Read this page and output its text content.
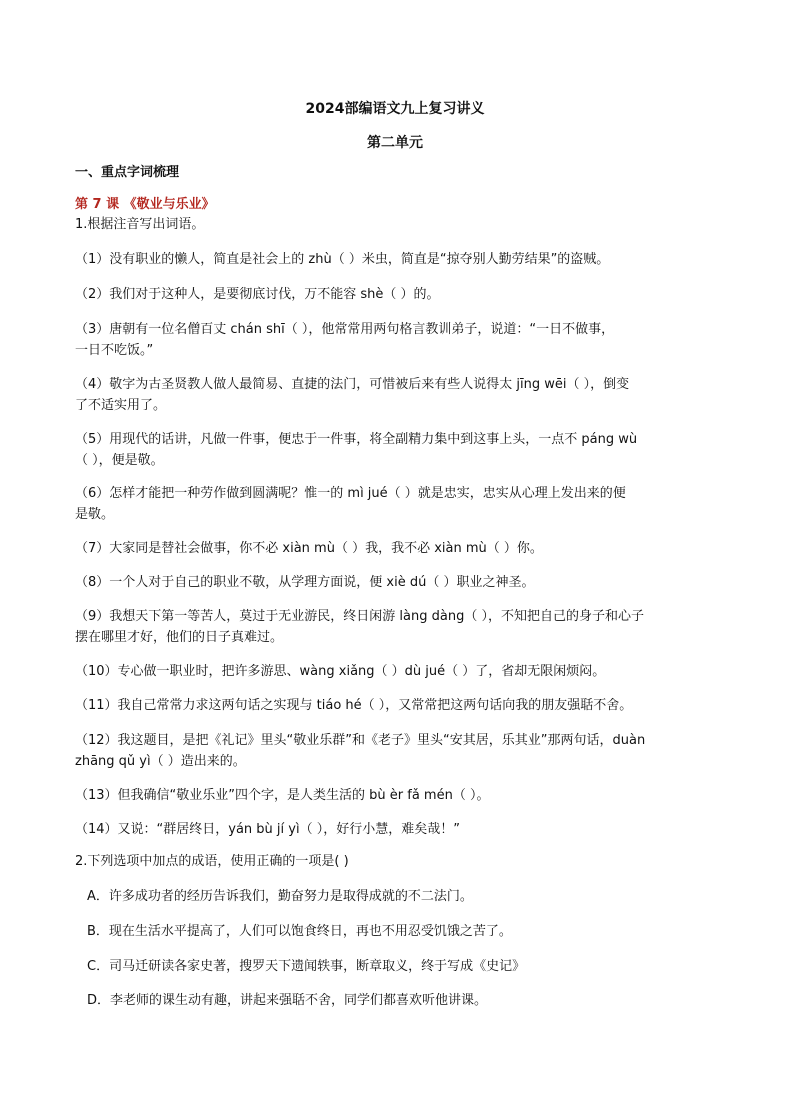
2024部编语文九上复习讲义
第二单元
一、重点字词梳理
第 7 课 《敬业与乐业》
1.根据注音写出词语。
（1）没有职业的懒人，简直是社会上的 zhù（ ）米虫，简直是“掠夺别人勤劳结果”的盗贼。
（2）我们对于这种人，是要彻底讨伐，万不能容 shè（ ）的。
（3）唐朝有一位名僧百丈 chán shī（ ），他常常用两句格言教训弟子，说道：“一日不做事，
一日不吃饭。”
（4）敬字为古圣贤教人做人最简易、直捷的法门，可惜被后来有些人说得太 jīng wēi（ ），倒变
了不适实用了。
（5）用现代的话讲，凡做一件事，便忠于一件事，将全副精力集中到这事上头，一点不 páng wù
（ ），便是敬。
（6）怎样才能把一种劳作做到圆满呢？惟一的 mì jué（ ）就是忠实，忠实从心理上发出来的便
是敬。
（7）大家同是替社会做事，你不必 xiàn mù（ ）我，我不必 xiàn mù（ ）你。
（8）一个人对于自己的职业不敬，从学理方面说，便 xiè dú（ ）职业之神圣。
（9）我想天下第一等苦人，莫过于无业游民，终日闲游 làng dàng（ ），不知把自己的身子和心子
摆在哪里才好，他们的日子真难过。
（10）专心做一职业时，把许多游思、wàng xiǎng（ ）dù jué（ ）了，省却无限闲烦闷。
（11）我自己常常力求这两句话之实现与 tiáo hé（ ），又常常把这两句话向我的朋友强聒不舍。
（12）我这题目，是把《礼记》里头“敬业乐群”和《老子》里头“安其居，乐其业”那两句话，duàn
zhāng qǔ yì（ ）造出来的。
（13）但我确信“敬业乐业”四个字，是人类生活的 bù èr fǎ mén（ ）。
（14）又说：“群居终日，yán bù jí yì（ ），好行小慧，难矣哉！”
2.下列选项中加点的成语，使用正确的一项是( )
A．许多成功者的经历告诉我们，勤奋努力是取得成就的不二法门。
B．现在生活水平提高了，人们可以饱食终日，再也不用忍受饥饿之苦了。
C．司马迁研读各家史著，搜罗天下遗闻轶事，断章取义，终于写成《史记》
D．李老师的课生动有趣，讲起来强聒不舍，同学们都喜欢听他讲课。
